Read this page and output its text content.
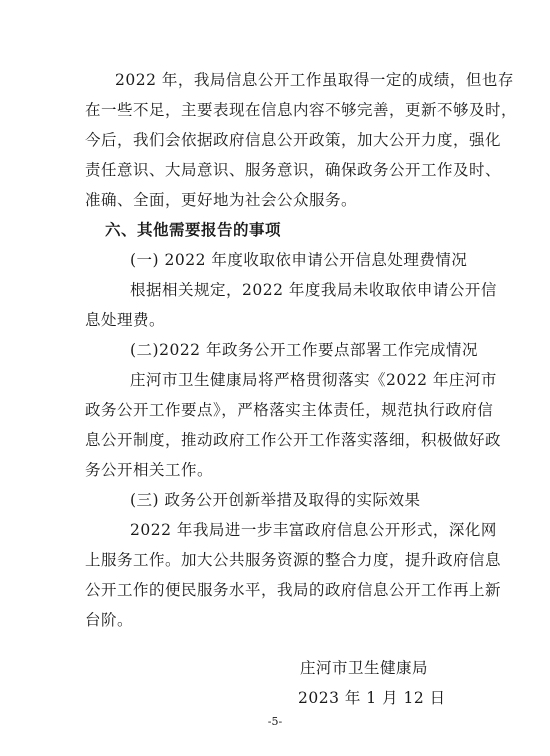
2022 年，我局信息公开工作虽取得一定的成绩，但也存
在一些不足，主要表现在信息内容不够完善，更新不够及时，
今后，我们会依据政府信息公开政策，加大公开力度，强化
责任意识、大局意识、服务意识，确保政务公开工作及时、
准确、全面，更好地为社会公众服务。
六、其他需要报告的事项
(一) 2022 年度收取依申请公开信息处理费情况
根据相关规定，2022 年度我局未收取依申请公开信
息处理费。
(二)2022 年政务公开工作要点部署工作完成情况
庄河市卫生健康局将严格贯彻落实《2022 年庄河市
政务公开工作要点》，严格落实主体责任，规范执行政府信
息公开制度，推动政府工作公开工作落实落细，积极做好政
务公开相关工作。
(三) 政务公开创新举措及取得的实际效果
2022 年我局进一步丰富政府信息公开形式，深化网
上服务工作。加大公共服务资源的整合力度，提升政府信息
公开工作的便民服务水平，我局的政府信息公开工作再上新
台阶。
庄河市卫生健康局
2023 年 1 月 12 日
-5-
